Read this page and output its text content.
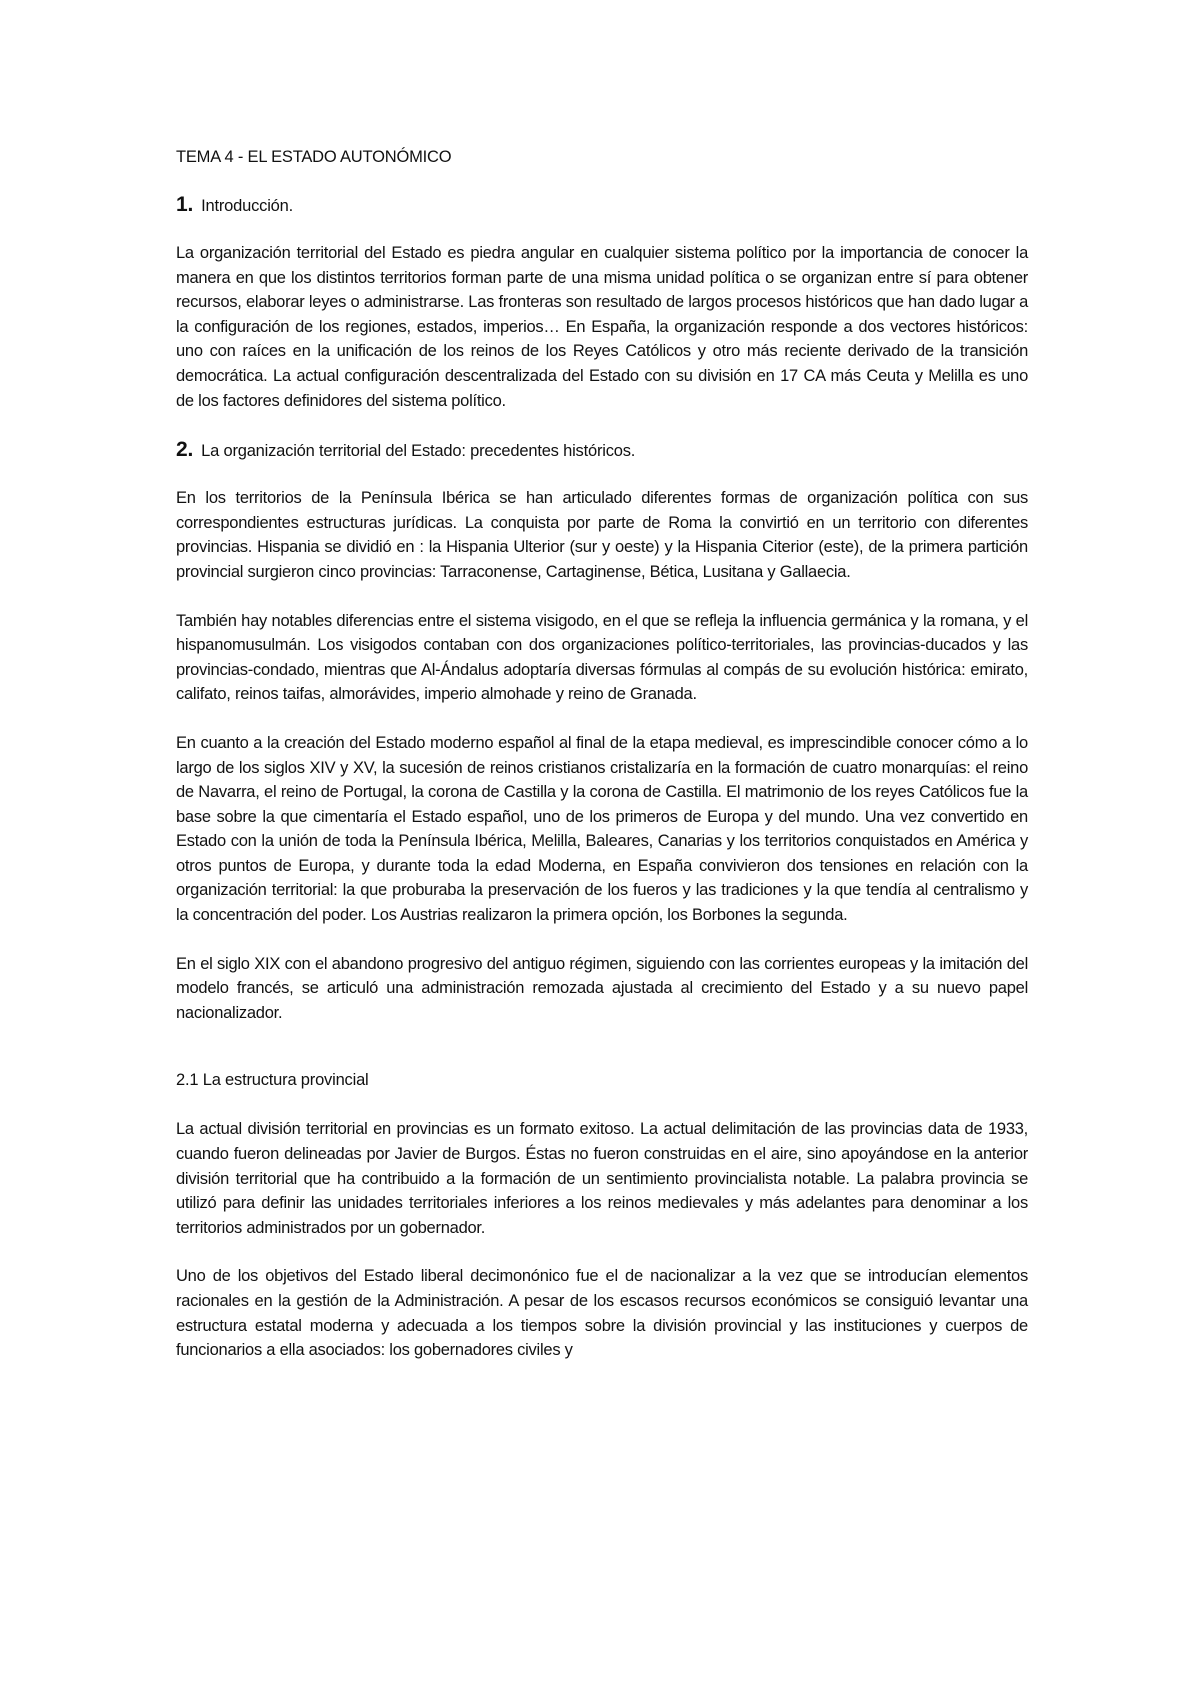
TEMA 4 - EL ESTADO AUTONÓMICO
1. Introducción.

La organización territorial del Estado es piedra angular en cualquier sistema político por la importancia de conocer la manera en que los distintos territorios forman parte de una misma unidad política o se organizan entre sí para obtener recursos, elaborar leyes o administrarse. Las fronteras son resultado de largos procesos históricos que han dado lugar a la configuración de los regiones, estados, imperios… En España, la organización responde a dos vectores históricos: uno con raíces en la unificación de los reinos de los Reyes Católicos y otro más reciente derivado de la transición democrática. La actual configuración descentralizada del Estado con su división en 17 CA más Ceuta y Melilla es uno de los factores definidores del sistema político.

2. La organización territorial del Estado: precedentes históricos.

En los territorios de la Península Ibérica se han articulado diferentes formas de organización política con sus correspondientes estructuras jurídicas. La conquista por parte de Roma la convirtió en un territorio con diferentes provincias. Hispania se dividió en : la Hispania Ulterior (sur y oeste) y la Hispania Citerior (este), de la primera partición provincial surgieron cinco provincias: Tarraconense, Cartaginense, Bética, Lusitana y Gallaecia.

También hay notables diferencias entre el sistema visigodo, en el que se refleja la influencia germánica y la romana, y el hispanomusulmán. Los visigodos contaban con dos organizaciones político-territoriales, las provincias-ducados y las provincias-condado, mientras que Al-Ándalus adoptaría diversas fórmulas al compás de su evolución histórica: emirato, califato, reinos taifas, almorávides, imperio almohade y reino de Granada.

En cuanto a la creación del Estado moderno español al final de la etapa medieval, es imprescindible conocer cómo a lo largo de los siglos XIV y XV, la sucesión de reinos cristianos cristalizaría en la formación de cuatro monarquías: el reino de Navarra, el reino de Portugal, la corona de Castilla y la corona de Castilla. El matrimonio de los reyes Católicos fue la base sobre la que cimentaría el Estado español, uno de los primeros de Europa y del mundo. Una vez convertido en Estado con la unión de toda la Península Ibérica, Melilla, Baleares, Canarias y los territorios conquistados en América y otros puntos de Europa, y durante toda la edad Moderna, en España convivieron dos tensiones en relación con la organización territorial: la que proburaba la preservación de los fueros y las tradiciones y la que tendía al centralismo y la concentración del poder. Los Austrias realizaron la primera opción, los Borbones la segunda.

En el siglo XIX con el abandono progresivo del antiguo régimen, siguiendo con las corrientes europeas y la imitación del modelo francés, se articuló una administración remozada ajustada al crecimiento del Estado y a su nuevo papel nacionalizador.

2.1 La estructura provincial

La actual división territorial en provincias es un formato exitoso. La actual delimitación de las provincias data de 1933, cuando fueron delineadas por Javier de Burgos. Éstas no fueron construidas en el aire, sino apoyándose en la anterior división territorial que ha contribuido a la formación de un sentimiento provincialista notable. La palabra provincia se utilizó para definir las unidades territoriales inferiores a los reinos medievales y más adelantes para denominar a los territorios administrados por un gobernador.

Uno de los objetivos del Estado liberal decimonónico fue el de nacionalizar a la vez que se introducían elementos racionales en la gestión de la Administración. A pesar de los escasos recursos económicos se consiguió levantar una estructura estatal moderna y adecuada a los tiempos sobre la división provincial y las instituciones y cuerpos de funcionarios a ella asociados: los gobernadores civiles y
